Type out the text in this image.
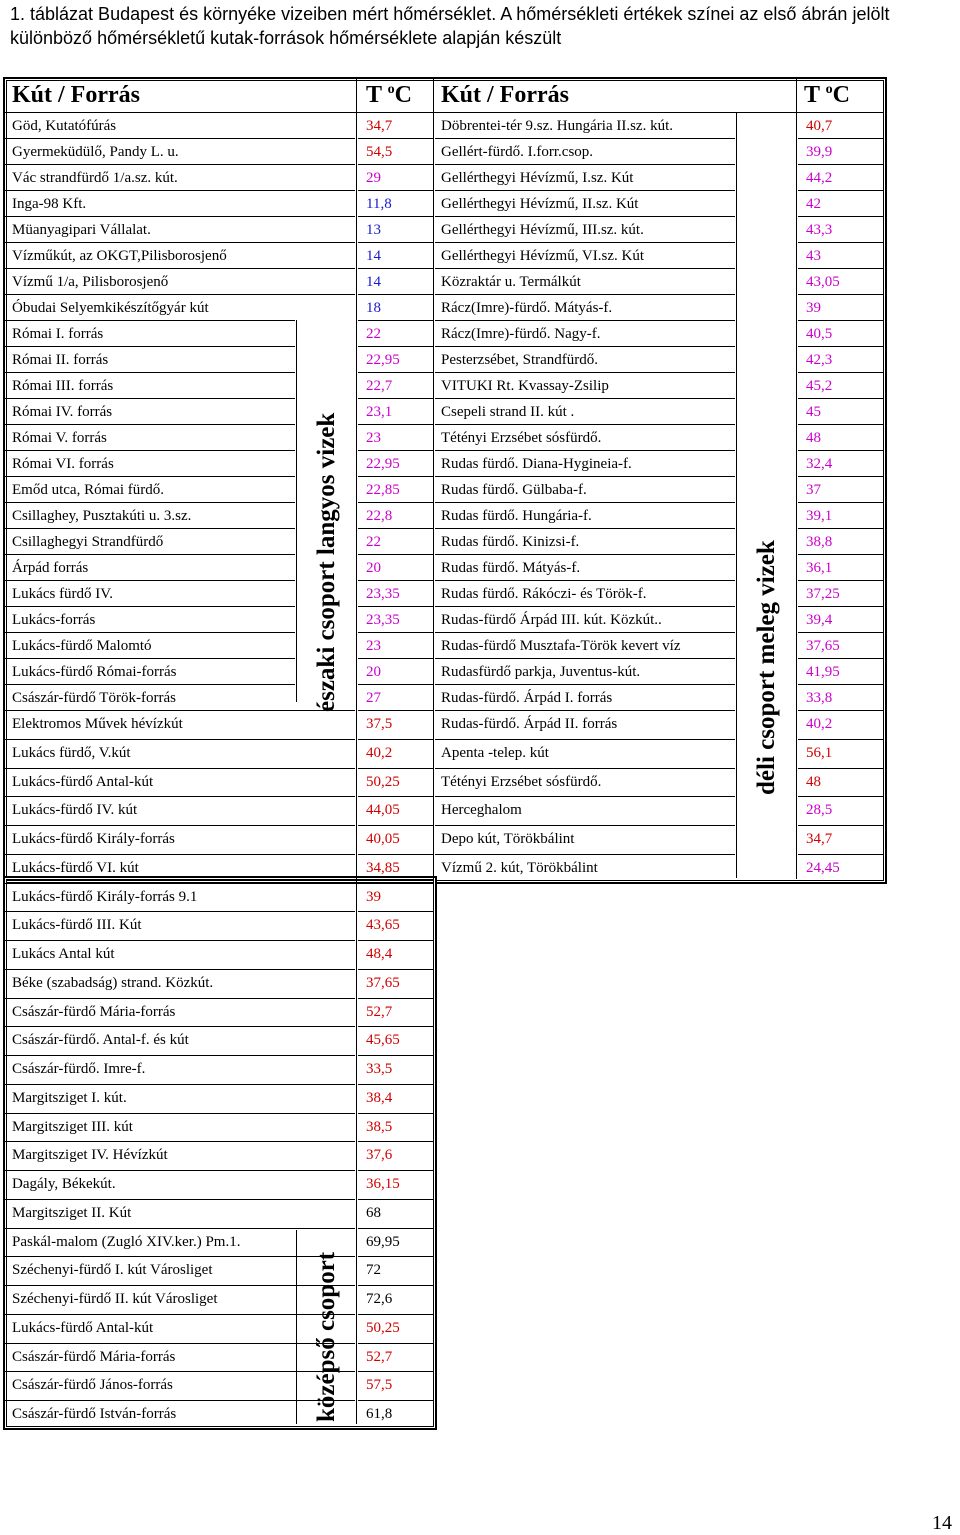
1. táblázat Budapest és környéke vizeiben mért hőmérséklet. A hőmérsékleti értékek színei az első ábrán jelölt különböző hőmérsékletű kutak-források hőmérséklete alapján készült
Kút / Forrás	T $^o$C Kút / Forrás	T $^o$C
Göd, Kutatófúrás	34,7
Gyermeküdülő, Pandy L. u.	54,5
Vác strandfürdő 1/a.sz. kút.	29
Inga-98 Kft.	11,8
Müanyagipari Vállalat.	13
Vízműkút, az OKGT,Pilisborosjenő	14
Vízmű 1/a, Pilisborosjenő	14
Óbudai Selyemkikészítőgyár kút	18
Római I. forrás	22
Római II. forrás	22,95
Római III. forrás	22,7
Római IV. forrás	23,1
Római V. forrás	23
Római VI. forrás	22,95
Emőd utca, Római fürdő.	22,85
Csillaghey, Pusztakúti u. 3.sz.	22,8
Csillaghegyi Strandfürdő	22
Árpád forrás	20
Lukács fürdő IV.	23,35
Lukács-forrás	23,35
Lukács-fürdő Malomtó	23
Lukács-fürdő Római-forrás	20
Császár-fürdő Török-forrás	27
Elektromos Művek hévízkút	37,5
Lukács fürdő, V.kút	40,2
Lukács-fürdő Antal-kút	50,25
Lukács-fürdő IV. kút	44,05
Lukács-fürdő Király-forrás	40,05
Lukács-fürdő VI. kút	34,85
Lukács-fürdő Király-forrás 9.1	39
Lukács-fürdő III. Kút	43,65
Lukács Antal kút	48,4
Béke (szabadság) strand. Közkút.	37,65
Császár-fürdő Mária-forrás	52,7
Császár-fürdő. Antal-f. és kút	45,65
Császár-fürdő. Imre-f.	33,5
Margitsziget I. kút.	38,4
Margitsziget III. kút	38,5
Margitsziget IV. Hévízkút	37,6
Dagály, Békekút.	36,15
Margitsziget II. Kút	68
Paskál-malom (Zugló XIV.ker.) Pm.1.	69,95
Széchenyi-fürdő I. kút Városliget	72
Széchenyi-fürdő II. kút Városliget	72,6
Lukács-fürdő Antal-kút	50,25
Császár-fürdő Mária-forrás	52,7
Császár-fürdő János-forrás	57,5
Császár-fürdő István-forrás	61,8
Döbrentei-tér 9.sz. Hungária II.sz. kút.	40,7
Gellért-fürdő. I.forr.csop.	39,9
Gellérthegyi Hévízmű, I.sz. Kút	44,2
Gellérthegyi Hévízmű, II.sz. Kút	42
Gellérthegyi Hévízmű, III.sz. kút.	43,3
Gellérthegyi Hévízmű, VI.sz. Kút	43
Közraktár u. Termálkút	43,05
Rácz(Imre)-fürdő. Mátyás-f.	39
Rácz(Imre)-fürdő. Nagy-f.	40,5
Pesterzsébet, Strandfürdő.	42,3
VITUKI Rt. Kvassay-Zsilip	45,2
Csepeli strand II. kút .	45
Tétényi Erzsébet sósfürdő.	48
Rudas fürdő. Diana-Hygineia-f.	32,4
Rudas fürdő. Gülbaba-f.	37
Rudas fürdő. Hungária-f.	39,1
Rudas fürdő. Kinizsi-f.	38,8
Rudas fürdő. Mátyás-f.	36,1
Rudas fürdő. Rákóczi- és Török-f.	37,25
Rudas-fürdő Árpád III. kút. Közkút..	39,4
Rudas-fürdő Musztafa-Török kevert víz	37,65
Rudasfürdő parkja, Juventus-kút.	41,95
Rudas-fürdő. Árpád I. forrás	33,8
Rudas-fürdő. Árpád II. forrás	40,2
Apenta -telep. kút	56,1
Tétényi Erzsébet sósfürdő.	48
Herceghalom	28,5
Depo kút, Törökbálint	34,7
Vízmű 2. kút, Törökbálint	24,45
északi csoport langyos vizek
középső csoport
déli csoport meleg vizek
14
